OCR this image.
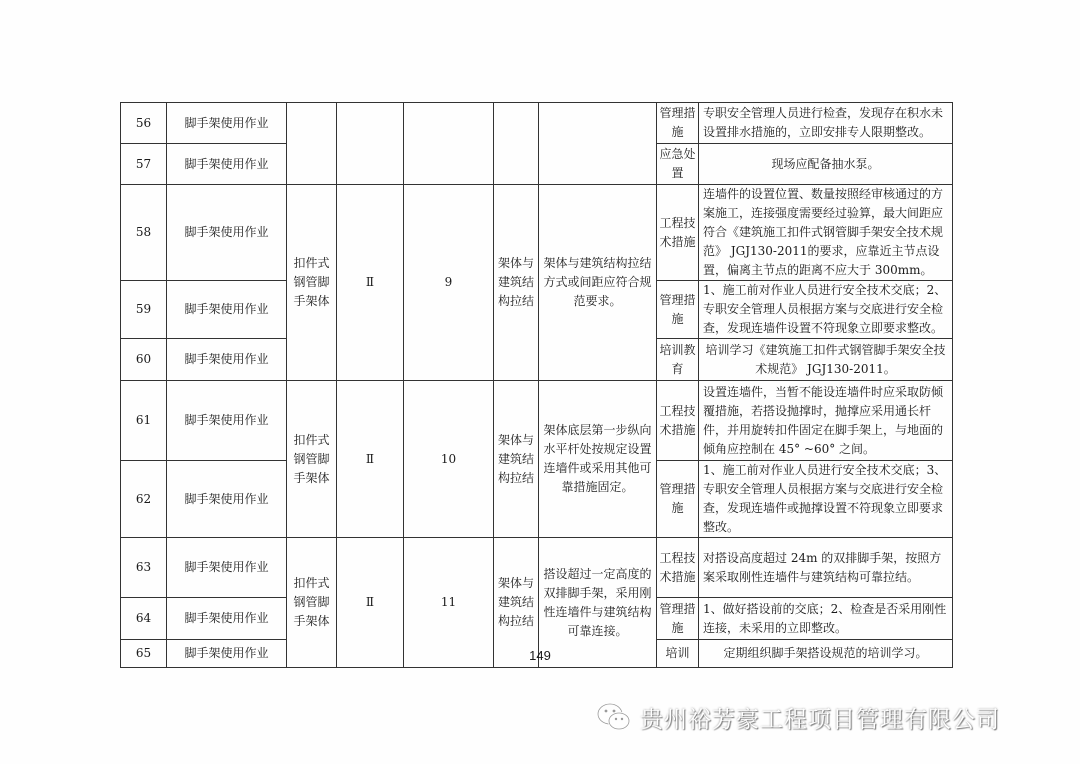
56	脚手架使用作业						管理措施	专职安全管理人员进行检查，发现存在积水未设置排水措施的，立即安排专人限期整改。
57	脚手架使用作业						应急处置	现场应配备抽水泵。
58	脚手架使用作业	扣件式钢管脚手架体	Ⅱ	9	架体与建筑结构拉结	架体与建筑结构拉结方式或间距应符合规范要求。	工程技术措施	连墙件的设置位置、数量按照经审核通过的方案施工，连接强度需要经过验算，最大间距应符合《建筑施工扣件式钢管脚手架安全技术规范》 JGJ130-2011的要求，应靠近主节点设置，偏离主节点的距离不应大于 300mm。
59	脚手架使用作业						管理措施	1、施工前对作业人员进行安全技术交底；2、专职安全管理人员根据方案与交底进行安全检查，发现连墙件设置不符现象立即要求整改。
60	脚手架使用作业						培训教育	培训学习《建筑施工扣件式钢管脚手架安全技术规范》 JGJ130-2011。
61	脚手架使用作业	扣件式钢管脚手架体	Ⅱ	10	架体与建筑结构拉结	架体底层第一步纵向水平杆处按规定设置连墙件或采用其他可靠措施固定。	工程技术措施	设置连墙件，当暂不能设连墙件时应采取防倾覆措施，若搭设抛撑时，抛撑应采用通长杆件，并用旋转扣件固定在脚手架上，与地面的倾角应控制在 45° ~60° 之间。
62	脚手架使用作业						管理措施	1、施工前对作业人员进行安全技术交底；3、专职安全管理人员根据方案与交底进行安全检查，发现连墙件或抛撑设置不符现象立即要求整改。
63	脚手架使用作业	扣件式钢管脚手架体	Ⅱ	11	架体与建筑结构拉结	搭设超过一定高度的双排脚手架，采用刚性连墙件与建筑结构可靠连接。	工程技术措施	对搭设高度超过 24m 的双排脚手架，按照方案采取刚性连墙件与建筑结构可靠拉结。
64	脚手架使用作业						管理措施	1、做好搭设前的交底；2、检查是否采用刚性连接，未采用的立即整改。
65	脚手架使用作业						培训	定期组织脚手架搭设规范的培训学习。
149
贵州裕芳豪工程项目管理有限公司
